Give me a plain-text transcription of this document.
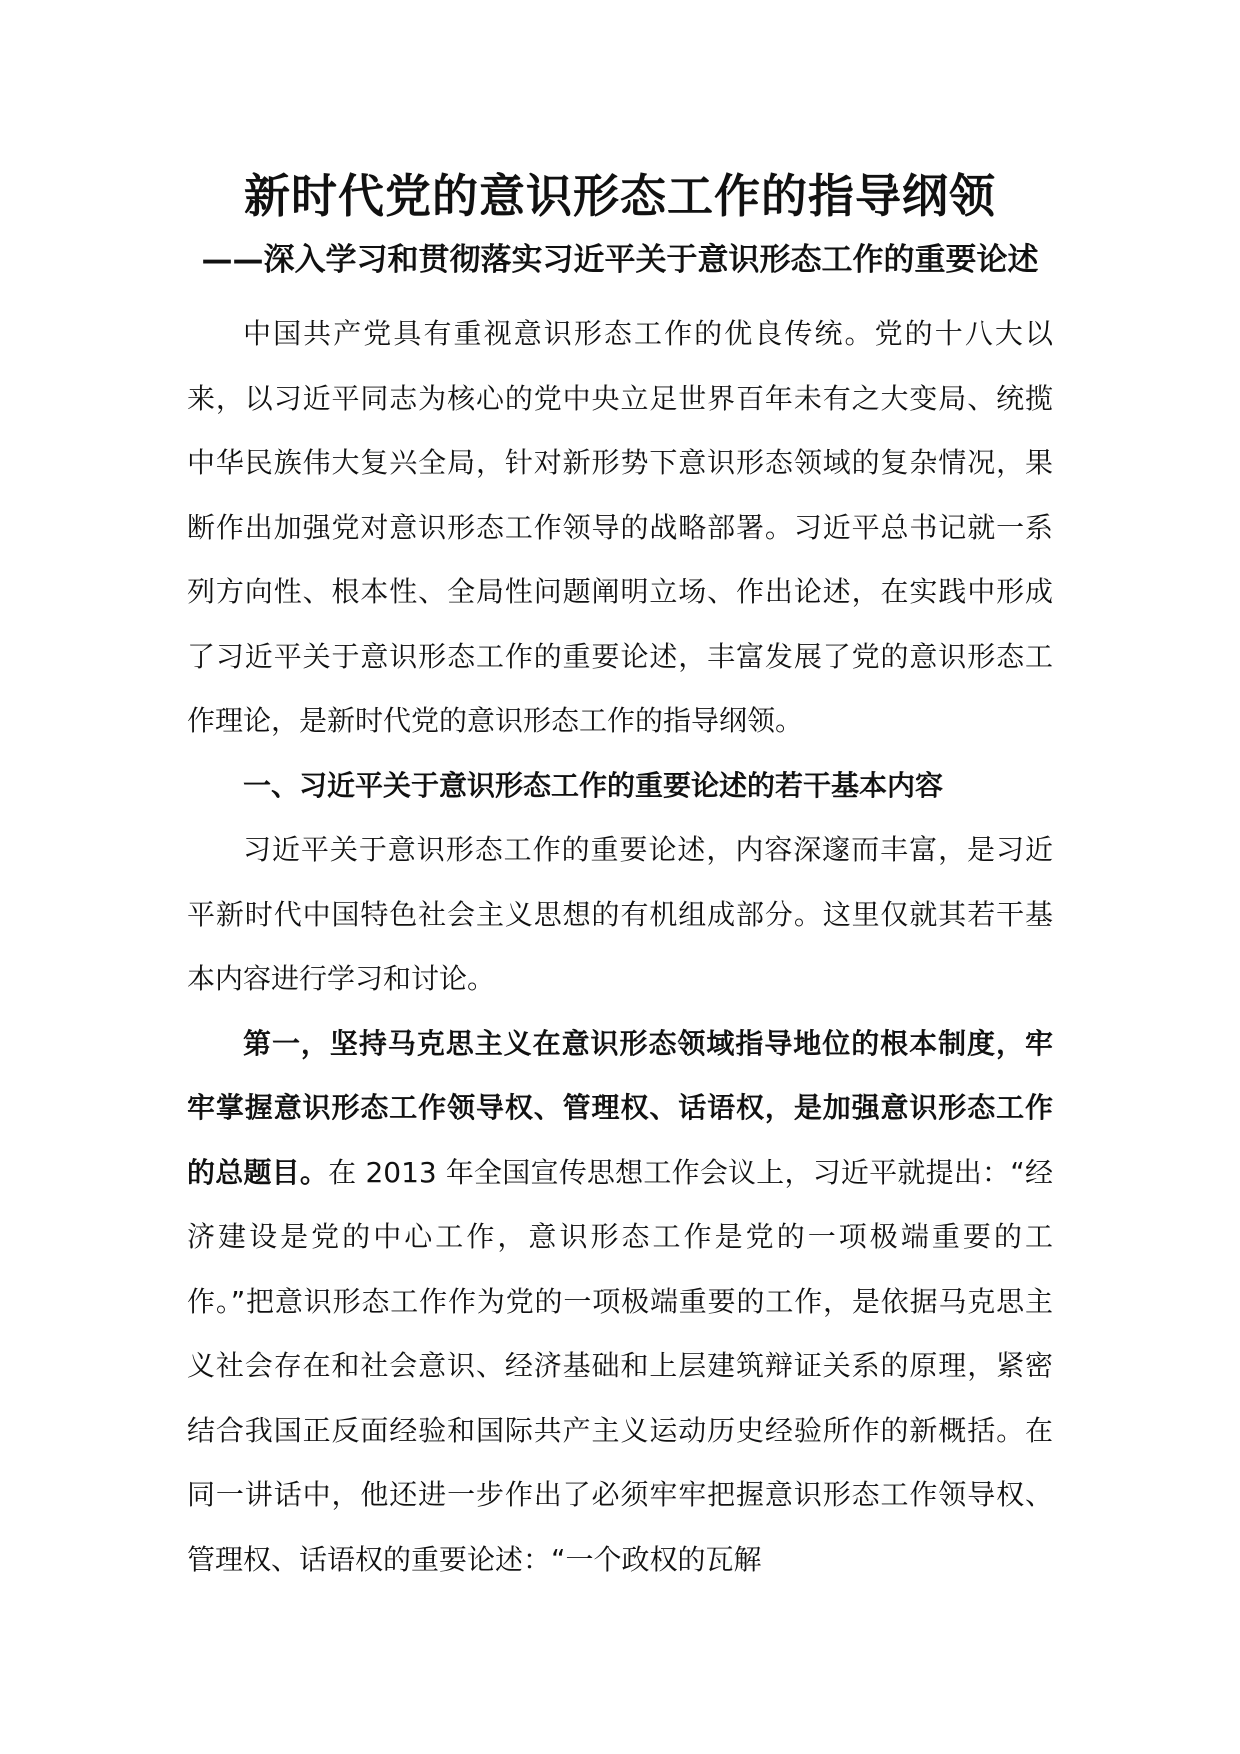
新时代党的意识形态工作的指导纲领
——深入学习和贯彻落实习近平关于意识形态工作的重要论述

中国共产党具有重视意识形态工作的优良传统。党的十八大以来，以习近平同志为核心的党中央立足世界百年未有之大变局、统揽中华民族伟大复兴全局，针对新形势下意识形态领域的复杂情况，果断作出加强党对意识形态工作领导的战略部署。习近平总书记就一系列方向性、根本性、全局性问题阐明立场、作出论述，在实践中形成了习近平关于意识形态工作的重要论述，丰富发展了党的意识形态工作理论，是新时代党的意识形态工作的指导纲领。

一、习近平关于意识形态工作的重要论述的若干基本内容

习近平关于意识形态工作的重要论述，内容深邃而丰富，是习近平新时代中国特色社会主义思想的有机组成部分。这里仅就其若干基本内容进行学习和讨论。

第一，坚持马克思主义在意识形态领域指导地位的根本制度，牢牢掌握意识形态工作领导权、管理权、话语权，是加强意识形态工作的总题目。在 2013 年全国宣传思想工作会议上，习近平就提出：“经济建设是党的中心工作，意识形态工作是党的一项极端重要的工作。”把意识形态工作作为党的一项极端重要的工作，是依据马克思主义社会存在和社会意识、经济基础和上层建筑辩证关系的原理，紧密结合我国正反面经验和国际共产主义运动历史经验所作的新概括。在同一讲话中，他还进一步作出了必须牢牢把握意识形态工作领导权、管理权、话语权的重要论述：“一个政权的瓦解
